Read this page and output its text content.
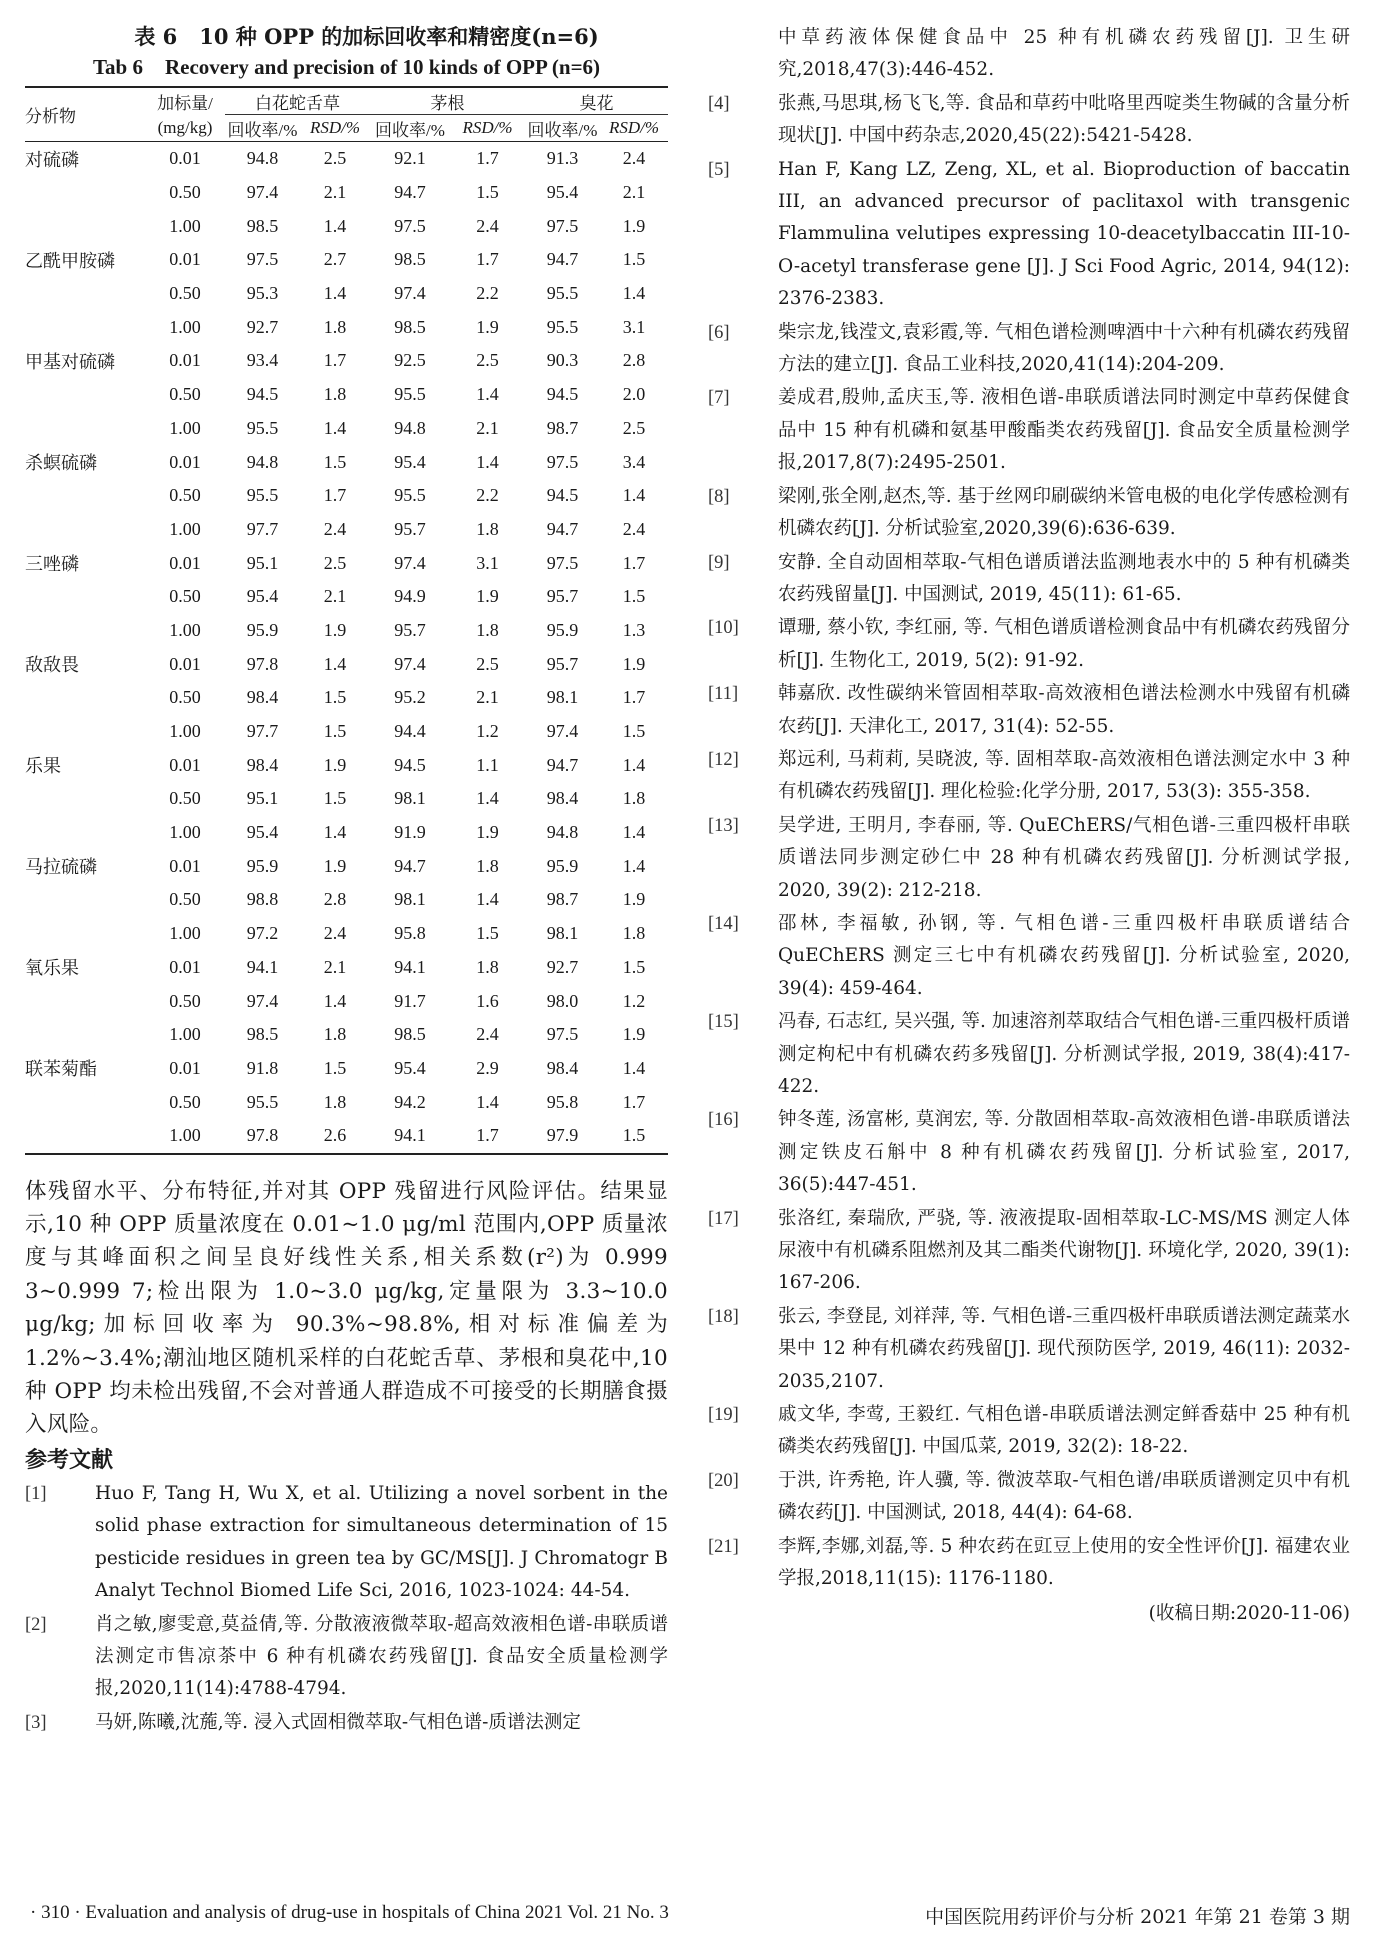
表 6 10 种 OPP 的加标回收率和精密度(n=6)
Tab 6 Recovery and precision of 10 kinds of OPP (n=6)
分析物	加标量/	白花蛇舌草		茅根		臭花	
	(mg/kg)	回收率/%	RSD/%	回收率/%	RSD/%	回收率/%	RSD/%
对硫磷	0.01	94.8	2.5	92.1	1.7	91.3	2.4
	0.50	97.4	2.1	94.7	1.5	95.4	2.1
	1.00	98.5	1.4	97.5	2.4	97.5	1.9
乙酰甲胺磷	0.01	97.5	2.7	98.5	1.7	94.7	1.5
	0.50	95.3	1.4	97.4	2.2	95.5	1.4
	1.00	92.7	1.8	98.5	1.9	95.5	3.1
甲基对硫磷	0.01	93.4	1.7	92.5	2.5	90.3	2.8
	0.50	94.5	1.8	95.5	1.4	94.5	2.0
	1.00	95.5	1.4	94.8	2.1	98.7	2.5
杀螟硫磷	0.01	94.8	1.5	95.4	1.4	97.5	3.4
	0.50	95.5	1.7	95.5	2.2	94.5	1.4
	1.00	97.7	2.4	95.7	1.8	94.7	2.4
三唑磷	0.01	95.1	2.5	97.4	3.1	97.5	1.7
	0.50	95.4	2.1	94.9	1.9	95.7	1.5
	1.00	95.9	1.9	95.7	1.8	95.9	1.3
敌敌畏	0.01	97.8	1.4	97.4	2.5	95.7	1.9
	0.50	98.4	1.5	95.2	2.1	98.1	1.7
	1.00	97.7	1.5	94.4	1.2	97.4	1.5
乐果	0.01	98.4	1.9	94.5	1.1	94.7	1.4
	0.50	95.1	1.5	98.1	1.4	98.4	1.8
	1.00	95.4	1.4	91.9	1.9	94.8	1.4
马拉硫磷	0.01	95.9	1.9	94.7	1.8	95.9	1.4
	0.50	98.8	2.8	98.1	1.4	98.7	1.9
	1.00	97.2	2.4	95.8	1.5	98.1	1.8
氧乐果	0.01	94.1	2.1	94.1	1.8	92.7	1.5
	0.50	97.4	1.4	91.7	1.6	98.0	1.2
	1.00	98.5	1.8	98.5	2.4	97.5	1.9
联苯菊酯	0.01	91.8	1.5	95.4	2.9	98.4	1.4
	0.50	95.5	1.8	94.2	1.4	95.8	1.7
	1.00	97.8	2.6	94.1	1.7	97.9	1.5
体残留水平、分布特征,并对其 OPP 残留进行风险评估。结果显示,10 种 OPP 质量浓度在 0.01~1.0 μg/ml 范围内,OPP 质量浓度与其峰面积之间呈良好线性关系,相关系数(r²)为 0.999 3~0.999 7;检出限为 1.0~3.0 μg/kg,定量限为 3.3~10.0 μg/kg;加标回收率为 90.3%~98.8%,相对标准偏差为 1.2%~3.4%;潮汕地区随机采样的白花蛇舌草、茅根和臭花中,10 种 OPP 均未检出残留,不会对普通人群造成不可接受的长期膳食摄入风险。
参考文献
[1]	Huo F, Tang H, Wu X, et al. Utilizing a novel sorbent in the solid phase extraction for simultaneous determination of 15 pesticide residues in green tea by GC/MS[J]. J Chromatogr B Analyt Technol Biomed Life Sci, 2016, 1023-1024: 44-54.
[2]	肖之敏,廖雯意,莫益倩,等. 分散液液微萃取-超高效液相色谱-串联质谱法测定市售凉茶中 6 种有机磷农药残留[J]. 食品安全质量检测学报,2020,11(14):4788-4794.
[3]	马妍,陈曦,沈葹,等. 浸入式固相微萃取-气相色谱-质谱法测定
中草药液体保健食品中 25 种有机磷农药残留[J]. 卫生研究,2018,47(3):446-452.
[4]	张燕,马思琪,杨飞飞,等. 食品和草药中吡咯里西啶类生物碱的含量分析现状[J]. 中国中药杂志,2020,45(22):5421-5428.
[5]	Han F, Kang LZ, Zeng, XL, et al. Bioproduction of baccatin III, an advanced precursor of paclitaxol with transgenic Flammulina velutipes expressing 10-deacetylbaccatin III-10-O-acetyl transferase gene [J]. J Sci Food Agric, 2014, 94(12): 2376-2383.
[6]	柴宗龙,钱滢文,袁彩霞,等. 气相色谱检测啤酒中十六种有机磷农药残留方法的建立[J]. 食品工业科技,2020,41(14):204-209.
[7]	姜成君,殷帅,孟庆玉,等. 液相色谱-串联质谱法同时测定中草药保健食品中 15 种有机磷和氨基甲酸酯类农药残留[J]. 食品安全质量检测学报,2017,8(7):2495-2501.
[8]	梁刚,张全刚,赵杰,等. 基于丝网印刷碳纳米管电极的电化学传感检测有机磷农药[J]. 分析试验室,2020,39(6):636-639.
[9]	安静. 全自动固相萃取-气相色谱质谱法监测地表水中的 5 种有机磷类农药残留量[J]. 中国测试, 2019, 45(11): 61-65.
[10]	谭珊, 蔡小钦, 李红丽, 等. 气相色谱质谱检测食品中有机磷农药残留分析[J]. 生物化工, 2019, 5(2): 91-92.
[11]	韩嘉欣. 改性碳纳米管固相萃取-高效液相色谱法检测水中残留有机磷农药[J]. 天津化工, 2017, 31(4): 52-55.
[12]	郑远利, 马莉莉, 吴晓波, 等. 固相萃取-高效液相色谱法测定水中 3 种有机磷农药残留[J]. 理化检验:化学分册, 2017, 53(3): 355-358.
[13]	吴学进, 王明月, 李春丽, 等. QuEChERS/气相色谱-三重四极杆串联质谱法同步测定砂仁中 28 种有机磷农药残留[J]. 分析测试学报, 2020, 39(2): 212-218.
[14]	邵林, 李福敏, 孙钢, 等. 气相色谱-三重四极杆串联质谱结合 QuEChERS 测定三七中有机磷农药残留[J]. 分析试验室, 2020, 39(4): 459-464.
[15]	冯春, 石志红, 吴兴强, 等. 加速溶剂萃取结合气相色谱-三重四极杆质谱测定枸杞中有机磷农药多残留[J]. 分析测试学报, 2019, 38(4):417-422.
[16]	钟冬莲, 汤富彬, 莫润宏, 等. 分散固相萃取-高效液相色谱-串联质谱法测定铁皮石斛中 8 种有机磷农药残留[J]. 分析试验室, 2017, 36(5):447-451.
[17]	张洛红, 秦瑞欣, 严骁, 等. 液液提取-固相萃取-LC-MS/MS 测定人体尿液中有机磷系阻燃剂及其二酯类代谢物[J]. 环境化学, 2020, 39(1): 167-206.
[18]	张云, 李登昆, 刘祥萍, 等. 气相色谱-三重四极杆串联质谱法测定蔬菜水果中 12 种有机磷农药残留[J]. 现代预防医学, 2019, 46(11): 2032-2035,2107.
[19]	戚文华, 李莺, 王毅红. 气相色谱-串联质谱法测定鲜香菇中 25 种有机磷类农药残留[J]. 中国瓜菜, 2019, 32(2): 18-22.
[20]	于洪, 许秀艳, 许人骥, 等. 微波萃取-气相色谱/串联质谱测定贝中有机磷农药[J]. 中国测试, 2018, 44(4): 64-68.
[21]	李辉,李娜,刘磊,等. 5 种农药在豇豆上使用的安全性评价[J]. 福建农业学报,2018,11(15): 1176-1180.
(收稿日期:2020-11-06)
· 310 · Evaluation and analysis of drug-use in hospitals of China 2021 Vol. 21 No. 3	中国医院用药评价与分析 2021 年第 21 卷第 3 期
